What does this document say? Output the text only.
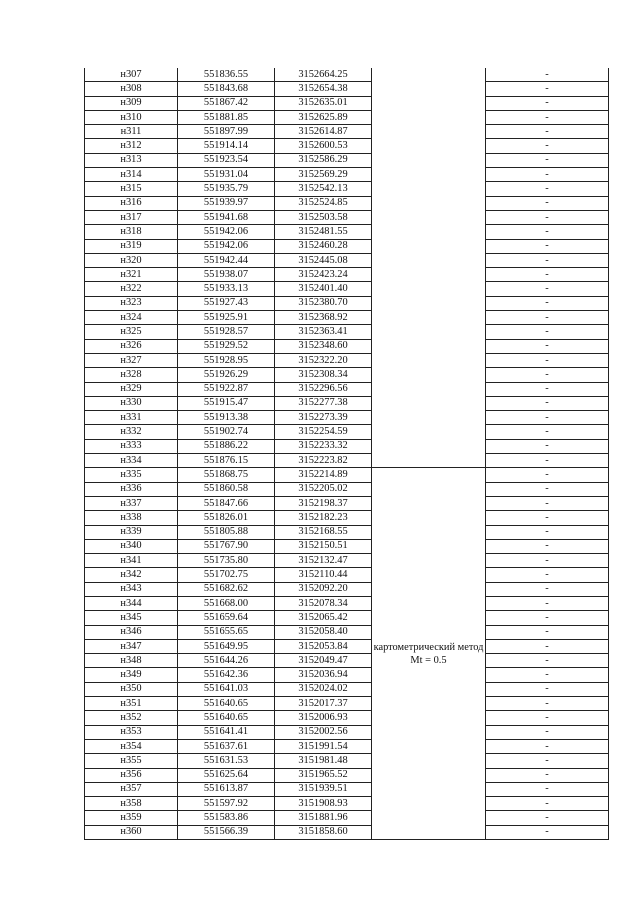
н307	551836.55	3152664.25		-
н308	551843.68	3152654.38		-
н309	551867.42	3152635.01		-
н310	551881.85	3152625.89		-
н311	551897.99	3152614.87		-
н312	551914.14	3152600.53		-
н313	551923.54	3152586.29		-
н314	551931.04	3152569.29		-
н315	551935.79	3152542.13		-
н316	551939.97	3152524.85		-
н317	551941.68	3152503.58		-
н318	551942.06	3152481.55		-
н319	551942.06	3152460.28		-
н320	551942.44	3152445.08		-
н321	551938.07	3152423.24		-
н322	551933.13	3152401.40		-
н323	551927.43	3152380.70		-
н324	551925.91	3152368.92		-
н325	551928.57	3152363.41		-
н326	551929.52	3152348.60		-
н327	551928.95	3152322.20		-
н328	551926.29	3152308.34		-
н329	551922.87	3152296.56		-
н330	551915.47	3152277.38		-
н331	551913.38	3152273.39		-
н332	551902.74	3152254.59		-
н333	551886.22	3152233.32		-
н334	551876.15	3152223.82		-
н335	551868.75	3152214.89	картометрический метод Mt = 0.5	-
н336	551860.58	3152205.02		-
н337	551847.66	3152198.37		-
н338	551826.01	3152182.23		-
н339	551805.88	3152168.55		-
н340	551767.90	3152150.51		-
н341	551735.80	3152132.47		-
н342	551702.75	3152110.44		-
н343	551682.62	3152092.20		-
н344	551668.00	3152078.34		-
н345	551659.64	3152065.42		-
н346	551655.65	3152058.40		-
н347	551649.95	3152053.84		-
н348	551644.26	3152049.47		-
н349	551642.36	3152036.94		-
н350	551641.03	3152024.02		-
н351	551640.65	3152017.37		-
н352	551640.65	3152006.93		-
н353	551641.41	3152002.56		-
н354	551637.61	3151991.54		-
н355	551631.53	3151981.48		-
н356	551625.64	3151965.52		-
н357	551613.87	3151939.51		-
н358	551597.92	3151908.93		-
н359	551583.86	3151881.96		-
н360	551566.39	3151858.60		-
